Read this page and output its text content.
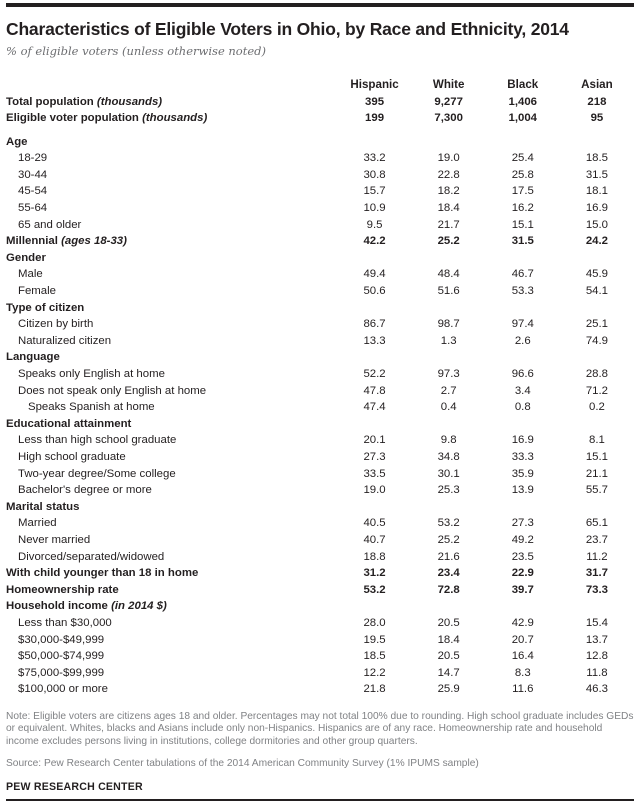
Characteristics of Eligible Voters in Ohio, by Race and Ethnicity, 2014
% of eligible voters (unless otherwise noted)
	Hispanic	White	Black	Asian
Total population (thousands)	395	9,277	1,406	218
Eligible voter population (thousands)	199	7,300	1,004	95

Age				
18-29	33.2	19.0	25.4	18.5
30-44	30.8	22.8	25.8	31.5
45-54	15.7	18.2	17.5	18.1
55-64	10.9	18.4	16.2	16.9
65 and older	9.5	21.7	15.1	15.0
Millennial (ages 18-33)	42.2	25.2	31.5	24.2
Gender				
Male	49.4	48.4	46.7	45.9
Female	50.6	51.6	53.3	54.1
Type of citizen				
Citizen by birth	86.7	98.7	97.4	25.1
Naturalized citizen	13.3	1.3	2.6	74.9
Language				
Speaks only English at home	52.2	97.3	96.6	28.8
Does not speak only English at home	47.8	2.7	3.4	71.2
Speaks Spanish at home	47.4	0.4	0.8	0.2
Educational attainment				
Less than high school graduate	20.1	9.8	16.9	8.1
High school graduate	27.3	34.8	33.3	15.1
Two-year degree/Some college	33.5	30.1	35.9	21.1
Bachelor's degree or more	19.0	25.3	13.9	55.7
Marital status				
Married	40.5	53.2	27.3	65.1
Never married	40.7	25.2	49.2	23.7
Divorced/separated/widowed	18.8	21.6	23.5	11.2
With child younger than 18 in home	31.2	23.4	22.9	31.7
Homeownership rate	53.2	72.8	39.7	73.3
Household income (in 2014 $)				
Less than $30,000	28.0	20.5	42.9	15.4
$30,000-$49,999	19.5	18.4	20.7	13.7
$50,000-$74,999	18.5	20.5	16.4	12.8
$75,000-$99,999	12.2	14.7	8.3	11.8
$100,000 or more	21.8	25.9	11.6	46.3
Note: Eligible voters are citizens ages 18 and older. Percentages may not total 100% due to rounding. High school graduate includes GEDs or equivalent. Whites, blacks and Asians include only non-Hispanics. Hispanics are of any race. Homeownership rate and household income excludes persons living in institutions, college dormitories and other group quarters.
Source: Pew Research Center tabulations of the 2014 American Community Survey (1% IPUMS sample)
PEW RESEARCH CENTER
